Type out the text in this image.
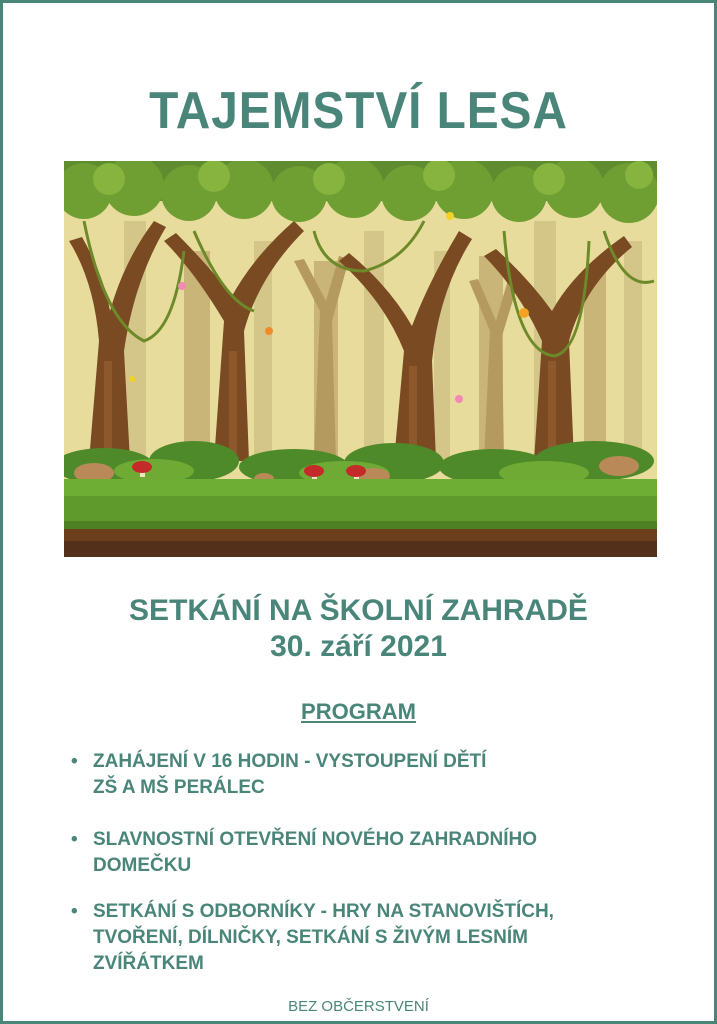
TAJEMSTVÍ LESA
SETKÁNÍ NA ŠKOLNÍ ZAHRADĚ
30. září 2021
PROGRAM
• ZAHÁJENÍ V 16 HODIN - VYSTOUPENÍ DĚTÍ
ZŠ A MŠ PERÁLEC
• SLAVNOSTNÍ OTEVŘENÍ NOVÉHO ZAHRADNÍHO
DOMEČKU
• SETKÁNÍ S ODBORNÍKY - HRY NA STANOVIŠTÍCH,
TVOŘENÍ, DÍLNIČKY, SETKÁNÍ S ŽIVÝM LESNÍM
ZVÍŘÁTKEM
BEZ OBČERSTVENÍ
